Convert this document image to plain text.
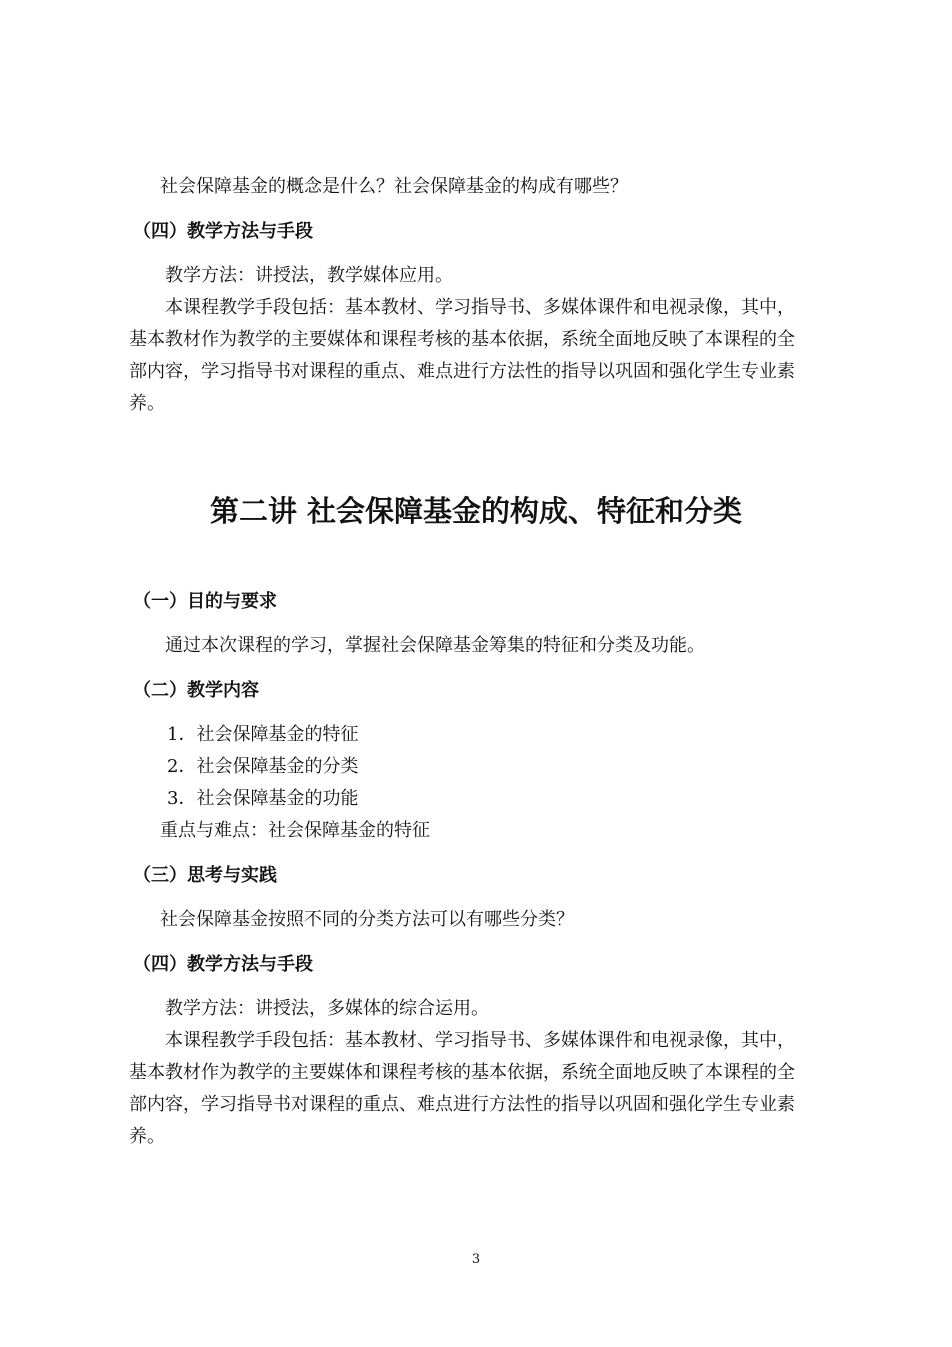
社会保障基金的概念是什么？社会保障基金的构成有哪些？
（四）教学方法与手段
教学方法：讲授法，教学媒体应用。
本课程教学手段包括：基本教材、学习指导书、多媒体课件和电视录像，其中，
基本教材作为教学的主要媒体和课程考核的基本依据，系统全面地反映了本课程的全
部内容，学习指导书对课程的重点、难点进行方法性的指导以巩固和强化学生专业素
养。
第二讲 社会保障基金的构成、特征和分类
（一）目的与要求
通过本次课程的学习，掌握社会保障基金筹集的特征和分类及功能。
（二）教学内容
1．社会保障基金的特征
2．社会保障基金的分类
3．社会保障基金的功能
重点与难点：社会保障基金的特征
（三）思考与实践
社会保障基金按照不同的分类方法可以有哪些分类？
（四）教学方法与手段
教学方法：讲授法，多媒体的综合运用。
本课程教学手段包括：基本教材、学习指导书、多媒体课件和电视录像，其中，
基本教材作为教学的主要媒体和课程考核的基本依据，系统全面地反映了本课程的全
部内容，学习指导书对课程的重点、难点进行方法性的指导以巩固和强化学生专业素
养。
3
